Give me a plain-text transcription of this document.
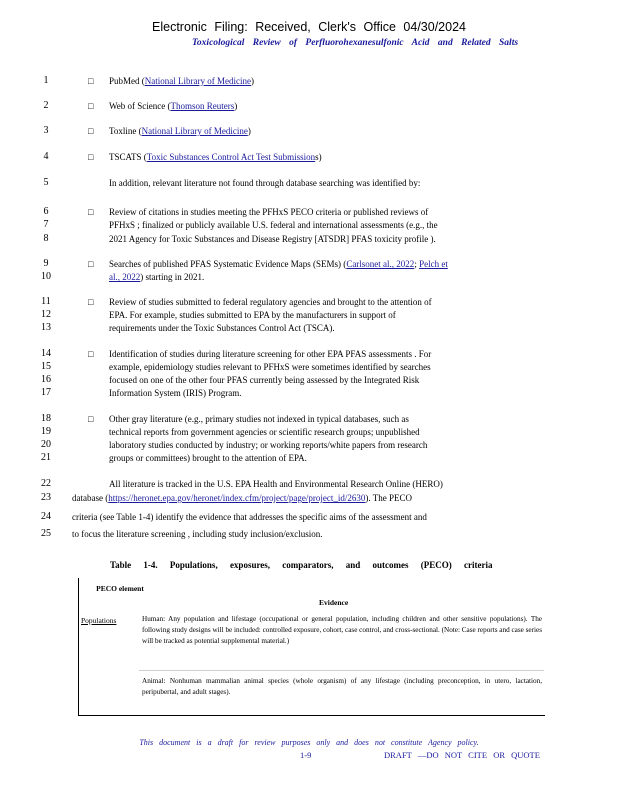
Electronic Filing: Received, Clerk's Office 04/30/2024
Toxicological Review of Perfluorohexanesulfonic Acid and Related Salts
1	□ PubMed (National Library of Medicine)
2	□ Web of Science (Thomson Reuters)
3	□ Toxline (National Library of Medicine)
4	□ TSCATS (Toxic Substances Control Act Test Submissions)
5	In addition, relevant literature not found through database searching was identified by:
6	□ Review of citations in studies meeting the PFHxS PECO criteria or published reviews of
7	PFHxS ; finalized or publicly available U.S. federal and international assessments (e.g., the
8	2021 Agency for Toxic Substances and Disease Registry [ATSDR] PFAS toxicity profile ).
9	□ Searches of published PFAS Systematic Evidence Maps (SEMs) (Carlsonet al., 2022; Pelch et
10	al., 2022) starting in 2021.
11	□ Review of studies submitted to federal regulatory agencies and brought to the attention of
12	EPA. For example, studies submitted to EPA by the manufacturers in support of
13	requirements under the Toxic Substances Control Act (TSCA).
14	□ Identification of studies during literature screening for other EPA PFAS assessments . For
15	example, epidemiology studies relevant to PFHxS were sometimes identified by searches
16	focused on one of the other four PFAS currently being assessed by the Integrated Risk
17	Information System (IRIS) Program.
18	□ Other gray literature (e.g., primary studies not indexed in typical databases, such as
19	technical reports from government agencies or scientific research groups; unpublished
20	laboratory studies conducted by industry; or working reports/white papers from research
21	groups or committees) brought to the attention of EPA.
22	All literature is tracked in the U.S. EPA Health and Environmental Research Online (HERO)
23	database (https://heronet.epa.gov/heronet/index.cfm/project/page/project_id/2630). The PECO
24	criteria (see Table 1-4) identify the evidence that addresses the specific aims of the assessment and
25	to focus the literature screening , including study inclusion/exclusion.
Table 1-4. Populations, exposures, comparators, and outcomes (PECO) criteria
PECO element
Evidence
Populations	Human: Any population and lifestage (occupational or general population, including children and other sensitive populations). The following study designs will be included: controlled exposure, cohort, case control, and cross-sectional. (Note: Case reports and case series will be tracked as potential supplemental material.)
Animal: Nonhuman mammalian animal species (whole organism) of any lifestage (including preconception, in utero, lactation, peripubertal, and adult stages).
This document is a draft for review purposes only and does not constitute Agency policy.
1-9	DRAFT —DO NOT CITE OR QUOTE
